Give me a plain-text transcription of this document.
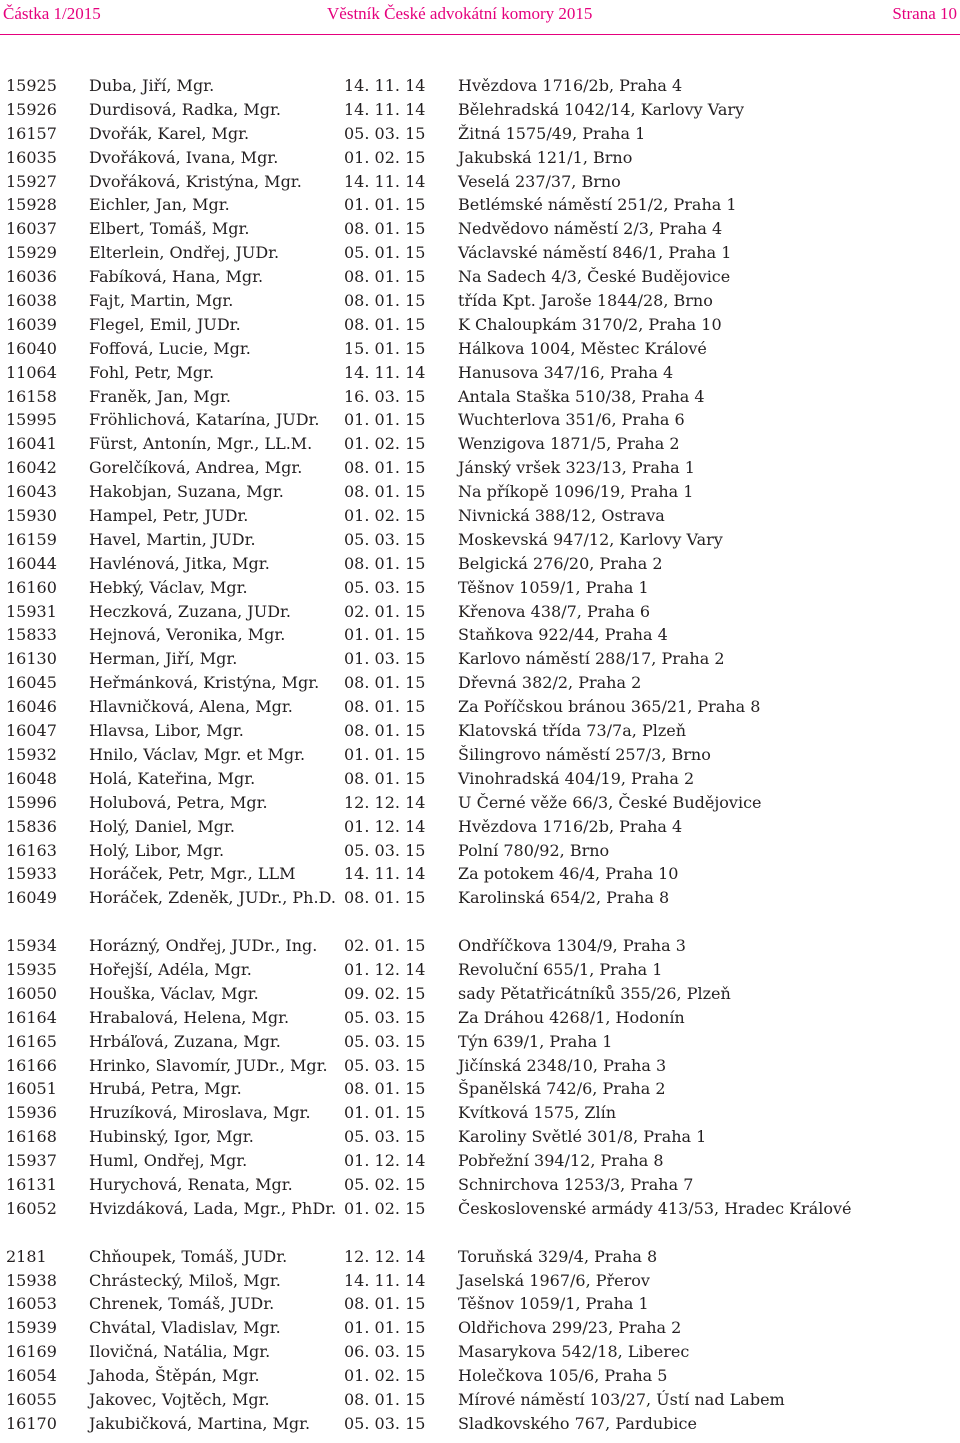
Částka 1/2015	Věstník České advokátní komory 2015	Strana 10
15925 Duba, Jiří, Mgr.	14. 11. 14 Hvězdova 1716/2b, Praha 4
15926 Durdisová, Radka, Mgr.	14. 11. 14 Bělehradská 1042/14, Karlovy Vary
16157 Dvořák, Karel, Mgr.	05. 03. 15 Žitná 1575/49, Praha 1
16035 Dvořáková, Ivana, Mgr.	01. 02. 15 Jakubská 121/1, Brno
15927 Dvořáková, Kristýna, Mgr.	14. 11. 14 Veselá 237/37, Brno
15928 Eichler, Jan, Mgr.	01. 01. 15 Betlémské náměstí 251/2, Praha 1
16037 Elbert, Tomáš, Mgr.	08. 01. 15 Nedvědovo náměstí 2/3, Praha 4
15929 Elterlein, Ondřej, JUDr.	05. 01. 15 Václavské náměstí 846/1, Praha 1
16036 Fabíková, Hana, Mgr.	08. 01. 15 Na Sadech 4/3, České Budějovice
16038 Fajt, Martin, Mgr.	08. 01. 15 třída Kpt. Jaroše 1844/28, Brno
16039 Flegel, Emil, JUDr.	08. 01. 15 K Chaloupkám 3170/2, Praha 10
16040 Foffová, Lucie, Mgr.	15. 01. 15 Hálkova 1004, Městec Králové
11064 Fohl, Petr, Mgr.	14. 11. 14 Hanusova 347/16, Praha 4
16158 Franěk, Jan, Mgr.	16. 03. 15 Antala Staška 510/38, Praha 4
15995 Fröhlichová, Katarína, JUDr.	01. 01. 15 Wuchterlova 351/6, Praha 6
16041 Fürst, Antonín, Mgr., LL.M.	01. 02. 15 Wenzigova 1871/5, Praha 2
16042 Gorelčíková, Andrea, Mgr.	08. 01. 15 Jánský vršek 323/13, Praha 1
16043 Hakobjan, Suzana, Mgr.	08. 01. 15 Na příkopě 1096/19, Praha 1
15930 Hampel, Petr, JUDr.	01. 02. 15 Nivnická 388/12, Ostrava
16159 Havel, Martin, JUDr.	05. 03. 15 Moskevská 947/12, Karlovy Vary
16044 Havlénová, Jitka, Mgr.	08. 01. 15 Belgická 276/20, Praha 2
16160 Hebký, Václav, Mgr.	05. 03. 15 Těšnov 1059/1, Praha 1
15931 Heczková, Zuzana, JUDr.	02. 01. 15 Křenova 438/7, Praha 6
15833 Hejnová, Veronika, Mgr.	01. 01. 15 Staňkova 922/44, Praha 4
16130 Herman, Jiří, Mgr.	01. 03. 15 Karlovo náměstí 288/17, Praha 2
16045 Heřmánková, Kristýna, Mgr.	08. 01. 15 Dřevná 382/2, Praha 2
16046 Hlavničková, Alena, Mgr.	08. 01. 15 Za Poříčskou bránou 365/21, Praha 8
16047 Hlavsa, Libor, Mgr.	08. 01. 15 Klatovská třída 73/7a, Plzeň
15932 Hnilo, Václav, Mgr. et Mgr.	01. 01. 15 Šilingrovo náměstí 257/3, Brno
16048 Holá, Kateřina, Mgr.	08. 01. 15 Vinohradská 404/19, Praha 2
15996 Holubová, Petra, Mgr.	12. 12. 14 U Černé věže 66/3, České Budějovice
15836 Holý, Daniel, Mgr.	01. 12. 14 Hvězdova 1716/2b, Praha 4
16163 Holý, Libor, Mgr.	05. 03. 15 Polní 780/92, Brno
15933 Horáček, Petr, Mgr., LLM	14. 11. 14 Za potokem 46/4, Praha 10
16049 Horáček, Zdeněk, JUDr., Ph.D. 08. 01. 15 Karolinská 654/2, Praha 8
15934 Horázný, Ondřej, JUDr., Ing.	02. 01. 15 Ondříčkova 1304/9, Praha 3
15935 Hořejší, Adéla, Mgr.	01. 12. 14 Revoluční 655/1, Praha 1
16050 Houška, Václav, Mgr.	09. 02. 15 sady Pětatřicátníků 355/26, Plzeň
16164 Hrabalová, Helena, Mgr.	05. 03. 15 Za Dráhou 4268/1, Hodonín
16165 Hrbáľová, Zuzana, Mgr.	05. 03. 15 Týn 639/1, Praha 1
16166 Hrinko, Slavomír, JUDr., Mgr.	05. 03. 15 Jičínská 2348/10, Praha 3
16051 Hrubá, Petra, Mgr.	08. 01. 15 Španělská 742/6, Praha 2
15936 Hruzíková, Miroslava, Mgr.	01. 01. 15 Kvítková 1575, Zlín
16168 Hubinský, Igor, Mgr.	05. 03. 15 Karoliny Světlé 301/8, Praha 1
15937 Huml, Ondřej, Mgr.	01. 12. 14 Pobřežní 394/12, Praha 8
16131 Hurychová, Renata, Mgr.	05. 02. 15 Schnirchova 1253/3, Praha 7
16052 Hvizdáková, Lada, Mgr., PhDr. 01. 02. 15 Československé armády 413/53, Hradec Králové
2181	Chňoupek, Tomáš, JUDr.	12. 12. 14 Toruňská 329/4, Praha 8
15938 Chrástecký, Miloš, Mgr.	14. 11. 14 Jaselská 1967/6, Přerov
16053 Chrenek, Tomáš, JUDr.	08. 01. 15 Těšnov 1059/1, Praha 1
15939 Chvátal, Vladislav, Mgr.	01. 01. 15 Oldřichova 299/23, Praha 2
16169 Ilovičná, Natália, Mgr.	06. 03. 15 Masarykova 542/18, Liberec
16054 Jahoda, Štěpán, Mgr.	01. 02. 15 Holečkova 105/6, Praha 5
16055 Jakovec, Vojtěch, Mgr.	08. 01. 15 Mírové náměstí 103/27, Ústí nad Labem
16170 Jakubičková, Martina, Mgr.	05. 03. 15 Sladkovského 767, Pardubice
